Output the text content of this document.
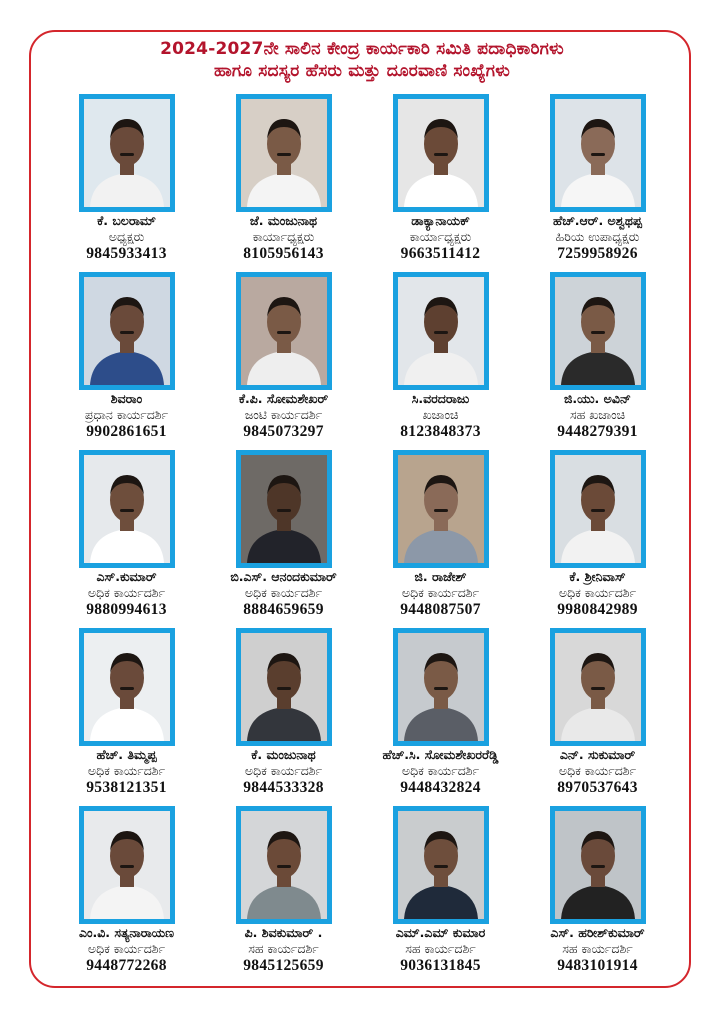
2024-2027ನೇ ಸಾಲಿನ ಕೇಂದ್ರ ಕಾರ್ಯಕಾರಿ ಸಮಿತಿ ಪದಾಧಿಕಾರಿಗಳು
ಹಾಗೂ ಸದಸ್ಯರ ಹೆಸರು ಮತ್ತು ದೂರವಾಣಿ ಸಂಖ್ಯೆಗಳು
ಕೆ. ಬಲರಾಮ್
ಅಧ್ಯಕ್ಷರು
9845933413
ಜೆ. ಮಂಜುನಾಥ
ಕಾರ್ಯಾಧ್ಯಕ್ಷರು
8105956143
ಡಾಕ್ಯಾನಾಯಕ್
ಕಾರ್ಯಾಧ್ಯಕ್ಷರು
9663511412
ಹೆಚ್.ಆರ್. ಅಶ್ವಥಪ್ಪ
ಹಿರಿಯ ಉಪಾಧ್ಯಕ್ಷರು
7259958926
ಶಿವರಾಂ
ಪ್ರಧಾನ ಕಾರ್ಯದರ್ಶಿ
9902861651
ಕೆ.ಪಿ. ಸೋಮಶೇಖರ್
ಜಂಟಿ ಕಾರ್ಯದರ್ಶಿ
9845073297
ಸಿ.ವರದರಾಜು
ಖಜಾಂಚಿ
8123848373
ಜಿ.ಯು. ಅವಿನ್
ಸಹ ಖಜಾಂಚಿ
9448279391
ಎಸ್.ಕುಮಾರ್
ಅಧಿಕ ಕಾರ್ಯದರ್ಶಿ
9880994613
ಬಿ.ಎಸ್. ಆನಂದಕುಮಾರ್
ಅಧಿಕ ಕಾರ್ಯದರ್ಶಿ
8884659659
ಜಿ. ರಾಜೇಶ್
ಅಧಿಕ ಕಾರ್ಯದರ್ಶಿ
9448087507
ಕೆ. ಶ್ರೀನಿವಾಸ್
ಅಧಿಕ ಕಾರ್ಯದರ್ಶಿ
9980842989
ಹೆಚ್. ತಿಮ್ಮಪ್ಪ
ಅಧಿಕ ಕಾರ್ಯದರ್ಶಿ
9538121351
ಕೆ. ಮಂಜುನಾಥ
ಅಧಿಕ ಕಾರ್ಯದರ್ಶಿ
9844533328
ಹೆಚ್.ಸಿ. ಸೋಮಶೇಖರರೆಡ್ಡಿ
ಅಧಿಕ ಕಾರ್ಯದರ್ಶಿ
9448432824
ಎನ್. ಸುಕುಮಾರ್
ಅಧಿಕ ಕಾರ್ಯದರ್ಶಿ
8970537643
ಎಂ.ವಿ. ಸತ್ಯನಾರಾಯಣ
ಅಧಿಕ ಕಾರ್ಯದರ್ಶಿ
9448772268
ಪಿ. ಶಿವಕುಮಾರ್ .
ಸಹ ಕಾರ್ಯದರ್ಶಿ
9845125659
ಎಮ್.ಎಮ್ ಕುಮಾರ
ಸಹ ಕಾರ್ಯದರ್ಶಿ
9036131845
ಎಸ್. ಹರೀಶ್‌ಕುಮಾರ್
ಸಹ ಕಾರ್ಯದರ್ಶಿ
9483101914
